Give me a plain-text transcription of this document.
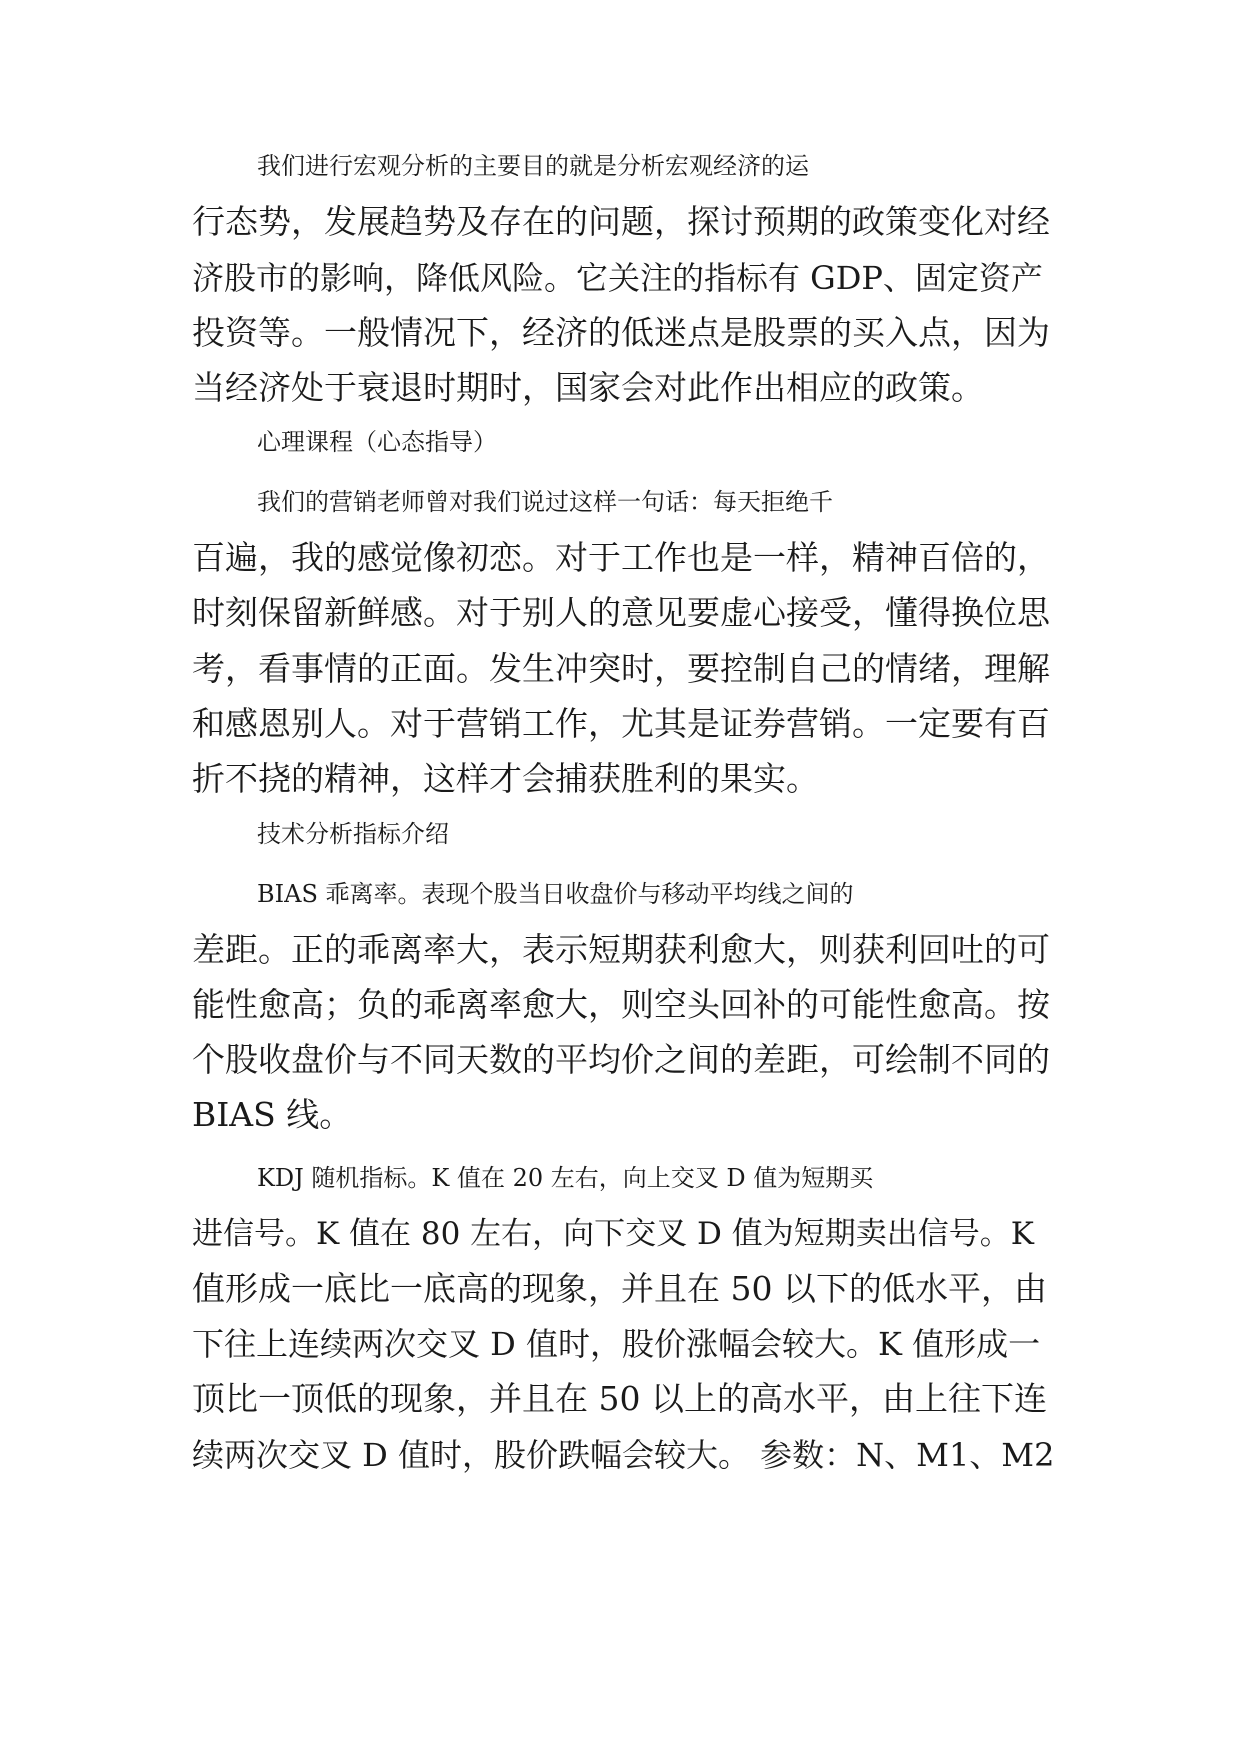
我们进行宏观分析的主要目的就是分析宏观经济的运
行态势，发展趋势及存在的问题，探讨预期的政策变化对经
济股市的影响，降低风险。它关注的指标有 GDP、固定资产
投资等。一般情况下，经济的低迷点是股票的买入点，因为
当经济处于衰退时期时，国家会对此作出相应的政策。
心理课程（心态指导）
我们的营销老师曾对我们说过这样一句话：每天拒绝千
百遍，我的感觉像初恋。对于工作也是一样，精神百倍的，
时刻保留新鲜感。对于别人的意见要虚心接受，懂得换位思
考，看事情的正面。发生冲突时，要控制自己的情绪，理解
和感恩别人。对于营销工作，尤其是证券营销。一定要有百
折不挠的精神，这样才会捕获胜利的果实。
技术分析指标介绍
BIAS 乖离率。表现个股当日收盘价与移动平均线之间的
差距。正的乖离率大，表示短期获利愈大，则获利回吐的可
能性愈高；负的乖离率愈大，则空头回补的可能性愈高。按
个股收盘价与不同天数的平均价之间的差距，可绘制不同的
BIAS 线。
KDJ 随机指标。K 值在 20 左右，向上交叉 D 值为短期买
进信号。K 值在 80 左右，向下交叉 D 值为短期卖出信号。K
值形成一底比一底高的现象，并且在 50 以下的低水平，由
下往上连续两次交叉 D 值时，股价涨幅会较大。K 值形成一
顶比一顶低的现象，并且在 50 以上的高水平，由上往下连
续两次交叉 D 值时，股价跌幅会较大。 参数：N、M1、M2
